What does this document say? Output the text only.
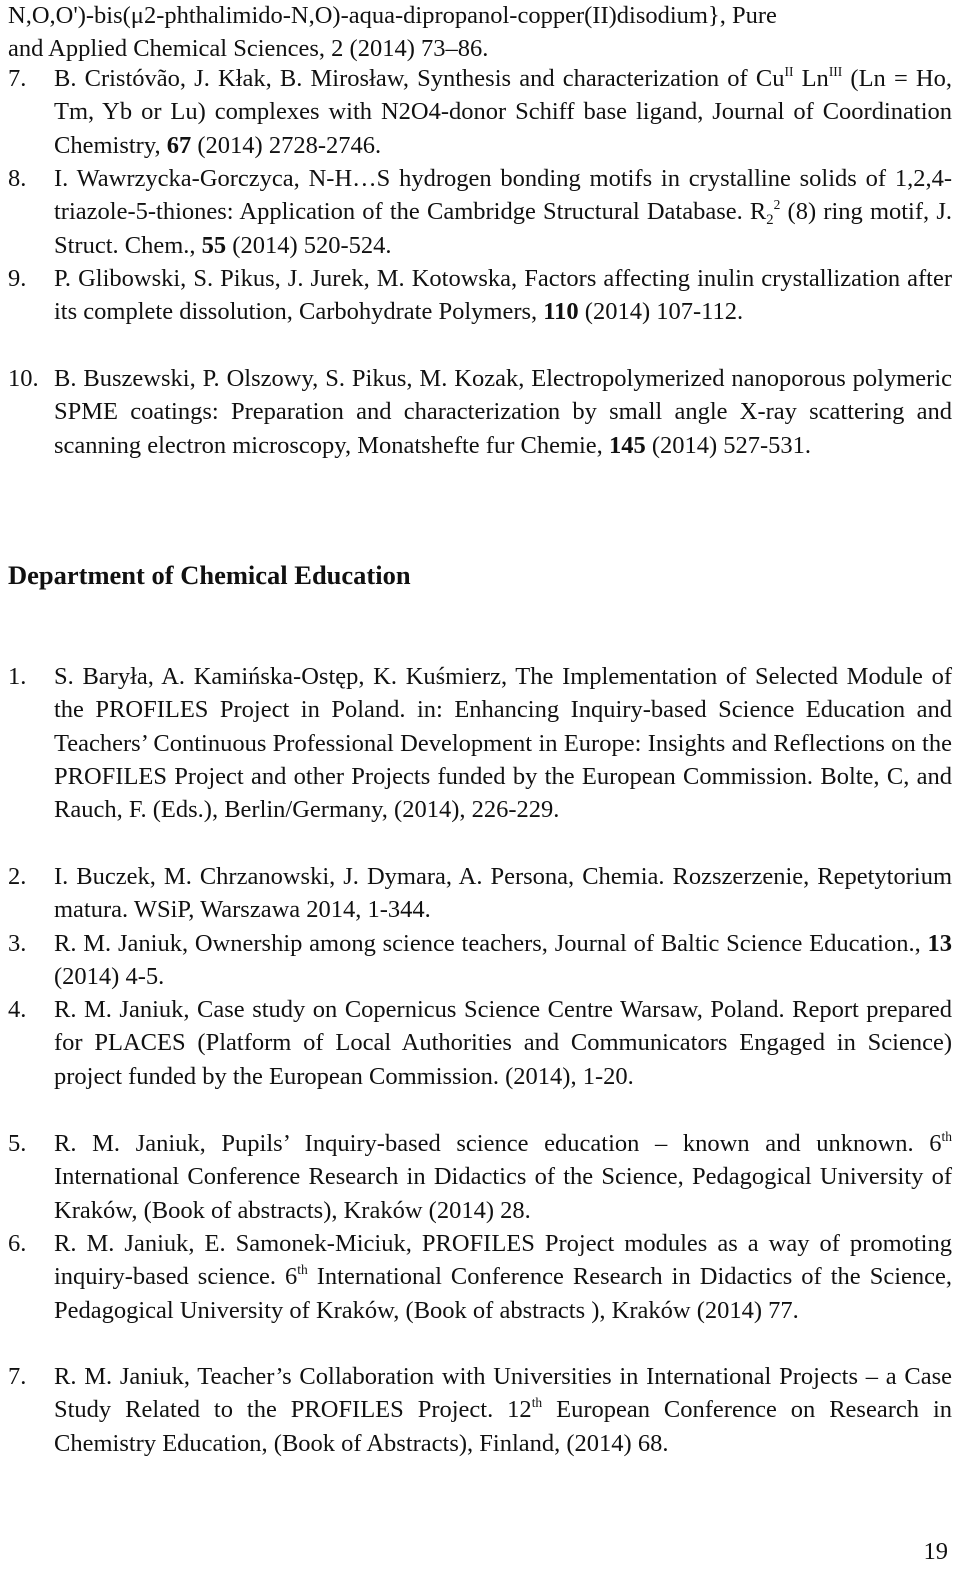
N,O,O')-bis(μ2-phthalimido-N,O)-aqua-dipropanol-copper(II)disodium}, Pure
and Applied Chemical Sciences, 2 (2014) 73–86.
7. B. Cristóvão, J. Kłak, B. Mirosław, Synthesis and characterization of $Cu^{II}$ $Ln^{III}$ (Ln = Ho, Tm, Yb or Lu) complexes with N2O4-donor Schiff base ligand, Journal of Coordination Chemistry, 67 (2014) 2728-2746.
8. I. Wawrzycka-Gorczyca, N-H…S hydrogen bonding motifs in crystalline solids of 1,2,4-triazole-5-thiones: Application of the Cambridge Structural Database. $R_2^2$ (8) ring motif, J. Struct. Chem., 55 (2014) 520-524.
9. P. Glibowski, S. Pikus, J. Jurek, M. Kotowska, Factors affecting inulin crystallization after its complete dissolution, Carbohydrate Polymers, 110 (2014) 107-112.
10. B. Buszewski, P. Olszowy, S. Pikus, M. Kozak, Electropolymerized nanoporous polymeric SPME coatings: Preparation and characterization by small angle X-ray scattering and scanning electron microscopy, Monatshefte fur Chemie, 145 (2014) 527-531.
Department of Chemical Education
1. S. Baryła, A. Kamińska-Ostęp, K. Kuśmierz, The Implementation of Selected Module of the PROFILES Project in Poland. in: Enhancing Inquiry-based Science Education and Teachers’ Continuous Professional Development in Europe: Insights and Reflections on the PROFILES Project and other Projects funded by the European Commission. Bolte, C, and Rauch, F. (Eds.), Berlin/Germany, (2014), 226-229.
2. I. Buczek, M. Chrzanowski, J. Dymara, A. Persona, Chemia. Rozszerzenie, Repetytorium matura. WSiP, Warszawa 2014, 1-344.
3. R. M. Janiuk, Ownership among science teachers, Journal of Baltic Science Education., 13 (2014) 4-5.
4. R. M. Janiuk, Case study on Copernicus Science Centre Warsaw, Poland. Report prepared for PLACES (Platform of Local Authorities and Communicators Engaged in Science) project funded by the European Commission. (2014), 1-20.
5. R. M. Janiuk, Pupils’ Inquiry-based science education – known and unknown. 6th International Conference Research in Didactics of the Science, Pedagogical University of Kraków, (Book of abstracts), Kraków (2014) 28.
6. R. M. Janiuk, E. Samonek-Miciuk, PROFILES Project modules as a way of promoting inquiry-based science. 6th International Conference Research in Didactics of the Science, Pedagogical University of Kraków, (Book of abstracts ), Kraków (2014) 77.
7. R. M. Janiuk, Teacher’s Collaboration with Universities in International Projects – a Case Study Related to the PROFILES Project. 12th European Conference on Research in Chemistry Education, (Book of Abstracts), Finland, (2014) 68.
19
